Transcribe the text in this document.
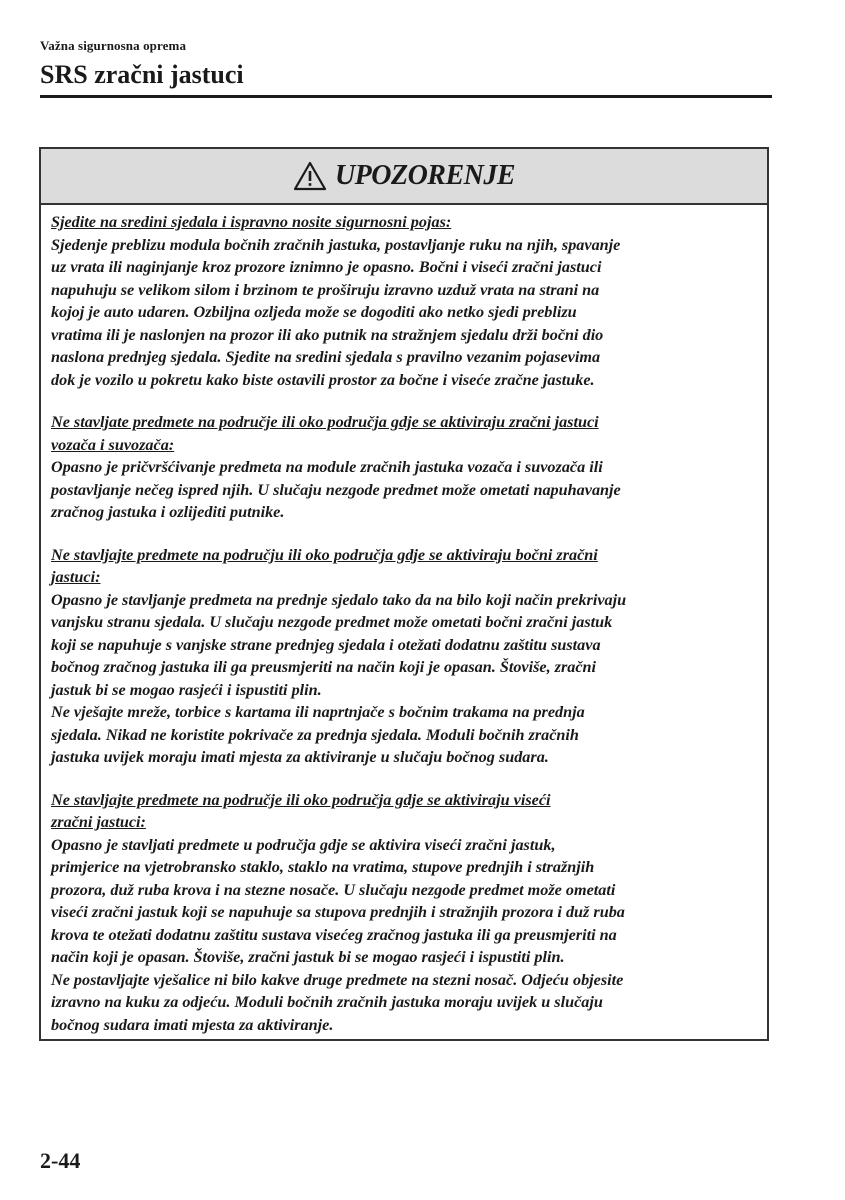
Važna sigurnosna oprema
SRS zračni jastuci
UPOZORENJE
Sjedite na sredini sjedala i ispravno nosite sigurnosni pojas:
Sjedenje preblizu modula bočnih zračnih jastuka, postavljanje ruku na njih, spavanje
uz vrata ili naginjanje kroz prozore iznimno je opasno. Bočni i viseći zračni jastuci
napuhuju se velikom silom i brzinom te proširuju izravno uzduž vrata na strani na
kojoj je auto udaren. Ozbiljna ozljeda može se dogoditi ako netko sjedi preblizu
vratima ili je naslonjen na prozor ili ako putnik na stražnjem sjedalu drži bočni dio
naslona prednjeg sjedala. Sjedite na sredini sjedala s pravilno vezanim pojasevima
dok je vozilo u pokretu kako biste ostavili prostor za bočne i viseće zračne jastuke.
Ne stavljate predmete na područje ili oko područja gdje se aktiviraju zračni jastuci
vozača i suvozača:
Opasno je pričvršćivanje predmeta na module zračnih jastuka vozača i suvozača ili
postavljanje nečeg ispred njih. U slučaju nezgode predmet može ometati napuhavanje
zračnog jastuka i ozlijediti putnike.
Ne stavljajte predmete na području ili oko područja gdje se aktiviraju bočni zračni
jastuci:
Opasno je stavljanje predmeta na prednje sjedalo tako da na bilo koji način prekrivaju
vanjsku stranu sjedala. U slučaju nezgode predmet može ometati bočni zračni jastuk
koji se napuhuje s vanjske strane prednjeg sjedala i otežati dodatnu zaštitu sustava
bočnog zračnog jastuka ili ga preusmjeriti na način koji je opasan. Štoviše, zračni
jastuk bi se mogao rasjeći i ispustiti plin.
Ne vješajte mreže, torbice s kartama ili naprtnjače s bočnim trakama na prednja
sjedala. Nikad ne koristite pokrivače za prednja sjedala. Moduli bočnih zračnih
jastuka uvijek moraju imati mjesta za aktiviranje u slučaju bočnog sudara.
Ne stavljajte predmete na područje ili oko područja gdje se aktiviraju viseći
zračni jastuci:
Opasno je stavljati predmete u područja gdje se aktivira viseći zračni jastuk,
primjerice na vjetrobransko staklo, staklo na vratima, stupove prednjih i stražnjih
prozora, duž ruba krova i na stezne nosače. U slučaju nezgode predmet može ometati
viseći zračni jastuk koji se napuhuje sa stupova prednjih i stražnjih prozora i duž ruba
krova te otežati dodatnu zaštitu sustava visećeg zračnog jastuka ili ga preusmjeriti na
način koji je opasan. Štoviše, zračni jastuk bi se mogao rasjeći i ispustiti plin.
Ne postavljajte vješalice ni bilo kakve druge predmete na stezni nosač. Odjeću objesite
izravno na kuku za odjeću. Moduli bočnih zračnih jastuka moraju uvijek u slučaju
bočnog sudara imati mjesta za aktiviranje.
2-44
